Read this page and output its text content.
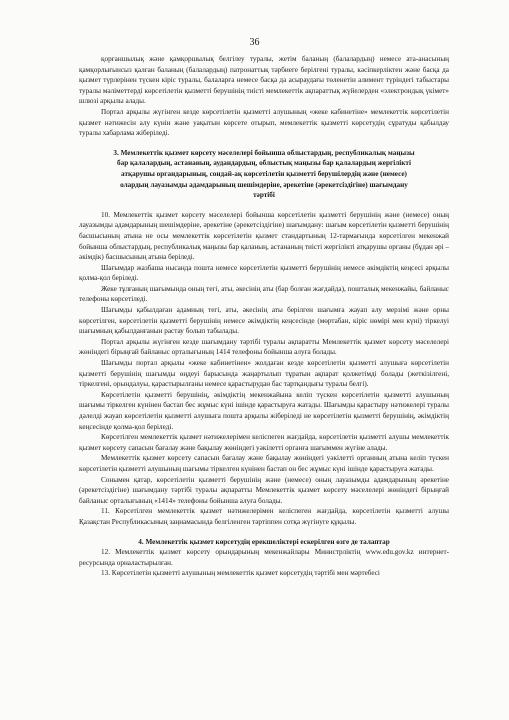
36

қорғаншылық және қамқоршылық белгілеу туралы, жетім баланың (балалардың) немесе ата-анасының қамқорлығынсыз қалған баланың (балалардың) патронаттық тәрбиеге берілгені туралы, кәсіпкерліктен және басқа да қызмет түрлерінен түскен кіріс туралы, балаларға немесе басқа да асыраудағы төленетін алимент түріндегі табыстары туралы мәліметтерді көрсетілетін қызметті берушінің тиісті мемлекеттік ақпараттық жүйелерден «электрондық үкімет» шлюзі арқылы алады.

Портал арқылы жүгінген кезде көрсетілетін қызметті алушының «жеке кабинетіне» мемлекеттік көрсетілетін қызмет нәтижесін алу күнін және уақытын көрсете отырып, мемлекеттік қызметті көрсетудің сұратуды қабылдау туралы хабарлама жіберіледі.

3. Мемлекеттік қызмет көрсету мәселелері бойынша облыстардың, республикалық маңызы
бар қалалардың, астананың, аудандардың, облыстық маңызы бар қалалардың жергілікті
атқарушы органдарының, сондай-ақ көрсетілетін қызметті берушілердің және (немесе)
олардың лауазымды адамдарының шешімдеріне, әрекетіне (әрекетсіздігіне) шағымдану
тәртібі

10. Мемлекеттік қызмет көрсету мәселелері бойынша көрсетілетін қызметті берушінің және (немесе) оның лауазымды адамдарының шешімдеріне, әрекетіне (әрекетсіздігіне) шағымдану: шағым көрсетілетін қызметті берушінің басшысының атына не осы мемлекеттік көрсетілетін қызмет стандартының 12-тармағында көрсетілген мекенжай бойынша облыстардың, республикалық маңызы бар қаланың, астананың тиісті жергілікті атқарушы органы (бұдан әрі – әкімдік) басшысының атына беріледі.

Шағымдар жазбаша нысанда пошта немесе көрсетілетін қызметті берушінің немесе әкімдіктің кеңсесі арқылы қолма-қол беріледі.

Жеке тұлғаның шағымында оның тегі, аты, әкесінің аты (бар болған жағдайда), пошталық мекенжайы, байланыс телефоны көрсетіледі.

Шағымды қабылдаған адамның тегі, аты, әкесінің аты берілген шағымға жауап алу мерзімі және орны көрсетілген, көрсетілетін қызметті берушінің немесе әкімдіктің кеңсесінде (мөртабан, кіріс нөмірі мен күні) тіркелуі шағымның қабылданғанын растау болып табылады.

Портал арқылы жүгінген кезде шағымдану тәртібі туралы ақпаратты Мемлекеттік қызмет көрсету мәселелері жөніндегі бірыңғай байланыс орталығының 1414 телефоны бойынша алуға болады.

Шағымды портал арқылы «жеке кабинетінен» жолдаған кезде көрсетілетін қызметті алушыға көрсетілетін қызметті берушінің шағымды өңдеуі барысында жаңартылып тұратын ақпарат қолжетімді болады (жеткізілгені, тіркелгені, орындалуы, қарастырылғаны немесе қарастырудан бас тартқандығы туралы белгі).

Көрсетілетін қызметті берушінің, әкімдіктің мекенжайына келіп түскен көрсетілетін қызметті алушының шағымы тіркелген күнінен бастап бес жұмыс күні ішінде қарастыруға жатады. Шағымды қарастыру нәтижелері туралы дәлелді жауап көрсетілетін қызметті алушыға пошта арқылы жіберіледі не көрсетілетін қызметті берушінің, әкімдіктің кеңсесінде қолма-қол беріледі.

Көрсетілген мемлекеттік қызмет нәтижелерімен келіспеген жағдайда, көрсетілетін қызметті алушы мемлекеттік қызмет көрсету сапасын бағалау және бақылау жөніндегі уәкілетті органға шағыммен жүгіне алады.

Мемлекеттік қызмет көрсету сапасын бағалау және бақылау жөніндегі уәкілетті органның атына келіп түскен көрсетілетін қызметті алушының шағымы тіркелген күнінен бастап он бес жұмыс күні ішінде қарастыруға жатады.

Сонымен қатар, көрсетілетін қызметті берушінің және (немесе) оның лауазымды адамдарының әрекетіне (әрекетсіздігіне) шағымдану тәртібі туралы ақпаратты Мемлекеттік қызмет көрсету мәселелері жөніндегі бірыңғай байланыс орталығының «1414» телефоны бойынша алуға болады.

11. Көрсетілген мемлекеттік қызмет нәтижелерімен келіспеген жағдайда, көрсетілетін қызметті алушы Қазақстан Республикасының заңнамасында белгіленген тәртіппен сотқа жүгінуге құқылы.

4. Мемлекеттік қызмет көрсетудің ерекшеліктері ескерілген өзге де талаптар

12. Мемлекеттік қызмет көрсету орындарының мекенжайлары Министрліктің www.edu.gov.kz интернет-ресурсында орналастырылған.

13. Көрсетілетін қызметті алушының мемлекеттік қызмет көрсетудің тәртібі мен мәртебесі
